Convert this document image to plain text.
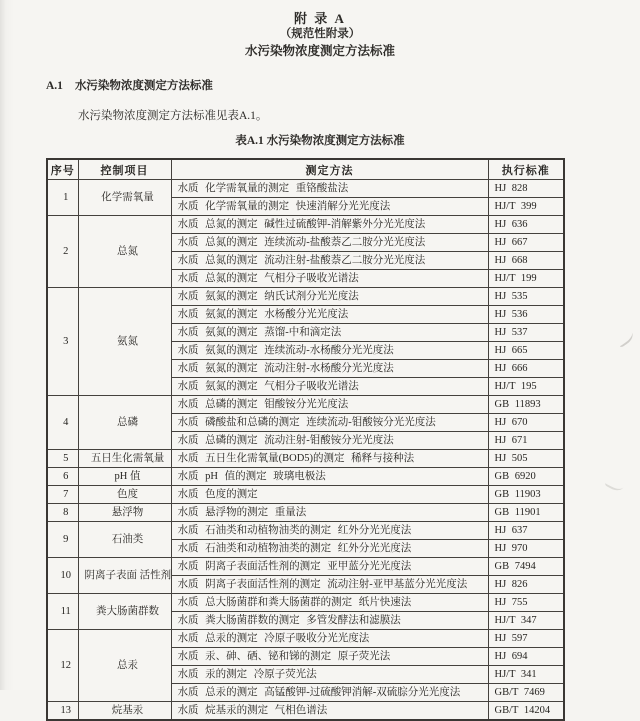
附 录 A
（规范性附录）
水污染物浓度测定方法标准
A.1 水污染物浓度测定方法标准
水污染物浓度测定方法标准见表A.1。
表A.1 水污染物浓度测定方法标准
序号	控制项目	测定方法	执行标准
1	化学需氧量	水质 化学需氧量的测定 重铬酸盐法	HJ 828
		水质 化学需氧量的测定 快速消解分光光度法	HJ/T 399
2	总氮	水质 总氮的测定 碱性过硫酸钾-消解紫外分光光度法	HJ 636
		水质 总氮的测定 连续流动-盐酸萘乙二胺分光光度法	HJ 667
		水质 总氮的测定 流动注射-盐酸萘乙二胺分光光度法	HJ 668
		水质 总氮的测定 气相分子吸收光谱法	HJ/T 199
3	氨氮	水质 氨氮的测定 纳氏试剂分光光度法	HJ 535
		水质 氨氮的测定 水杨酸分光光度法	HJ 536
		水质 氨氮的测定 蒸馏-中和滴定法	HJ 537
		水质 氨氮的测定 连续流动-水杨酸分光光度法	HJ 665
		水质 氨氮的测定 流动注射-水杨酸分光光度法	HJ 666
		水质 氨氮的测定 气相分子吸收光谱法	HJ/T 195
4	总磷	水质 总磷的测定 钼酸铵分光光度法	GB 11893
		水质 磷酸盐和总磷的测定 连续流动-钼酸铵分光光度法	HJ 670
		水质 总磷的测定 流动注射-钼酸铵分光光度法	HJ 671
5	五日生化需氧量	水质 五日生化需氧量(BOD5)的测定 稀释与接种法	HJ 505
6	pH 值	水质 pH 值的测定 玻璃电极法	GB 6920
7	色度	水质 色度的测定	GB 11903
8	悬浮物	水质 悬浮物的测定 重量法	GB 11901
9	石油类	水质 石油类和动植物油类的测定 红外分光光度法	HJ 637
		水质 石油类和动植物油类的测定 红外分光光度法	HJ 970
10	阴离子表面 活性剂	水质 阴离子表面活性剂的测定 亚甲蓝分光光度法	GB 7494
		水质 阴离子表面活性剂的测定 流动注射-亚甲基蓝分光光度法	HJ 826
11	粪大肠菌群数	水质 总大肠菌群和粪大肠菌群的测定 纸片快速法	HJ 755
		水质 粪大肠菌群数的测定 多管发酵法和滤膜法	HJ/T 347
12	总汞	水质 总汞的测定 冷原子吸收分光光度法	HJ 597
		水质 汞、砷、硒、铋和锑的测定 原子荧光法	HJ 694
		水质 汞的测定 冷原子荧光法	HJ/T 341
		水质 总汞的测定 高锰酸钾-过硫酸钾消解-双硫腙分光光度法	GB/T 7469
13	烷基汞	水质 烷基汞的测定 气相色谱法	GB/T 14204
